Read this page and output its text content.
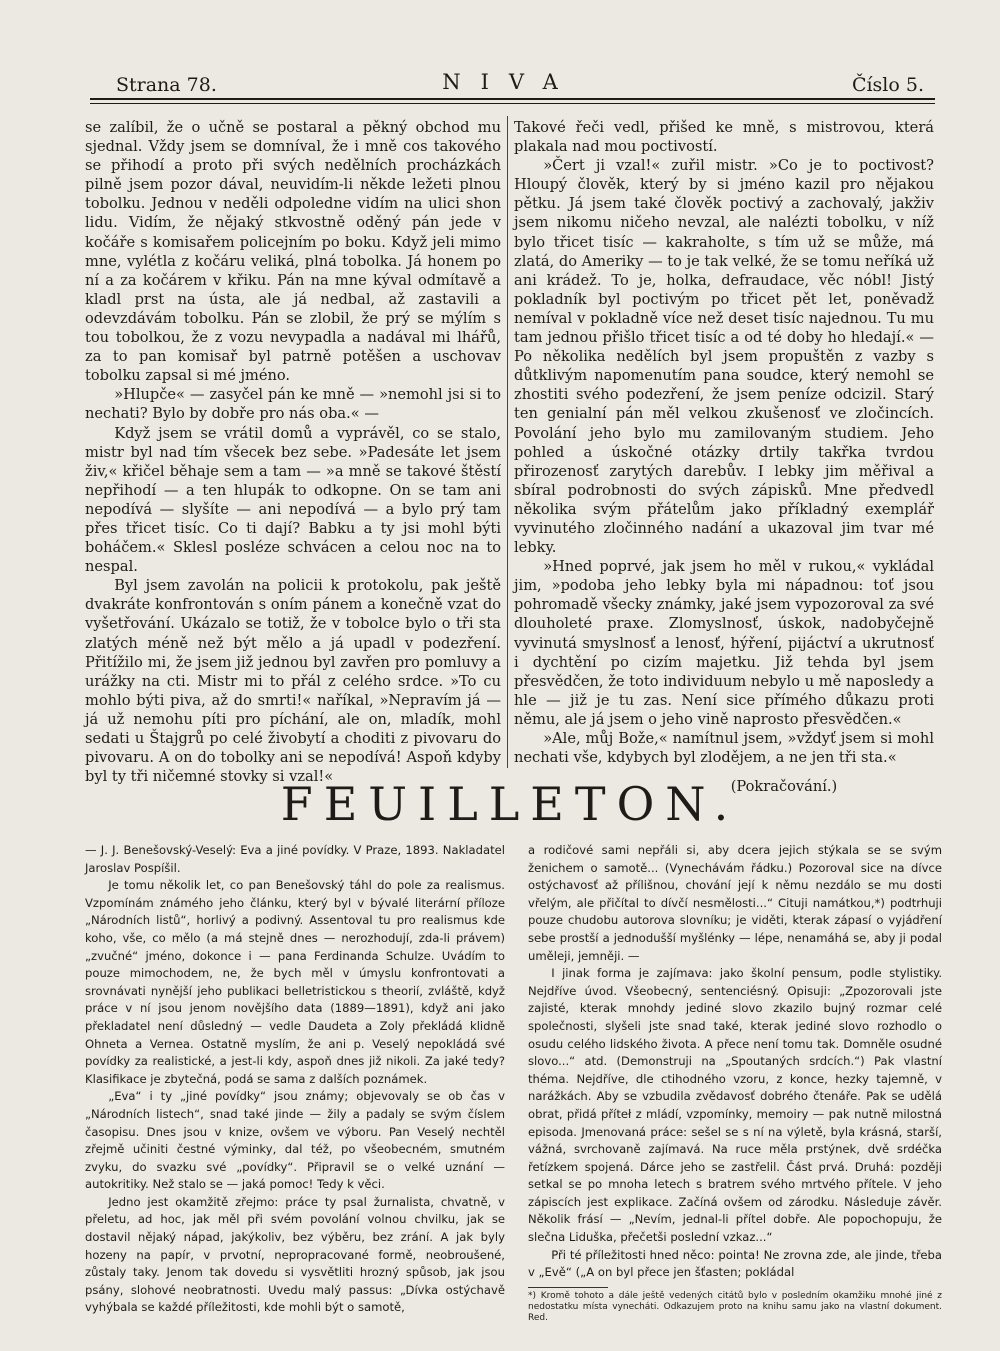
Strana 78.	NIVA	Číslo 5.

se zalíbil, že o učně se postaral a pěkný obchod mu sjednal. Vždy jsem se domníval, že i mně cos takového se přihodí a proto při svých nedělních procházkách pilně jsem pozor dával, neuvidím-li někde ležeti plnou tobolku. Jednou v neděli odpoledne vidím na ulici shon lidu. Vidím, že nějaký stkvostně oděný pán jede v kočáře s komisařem policejním po boku. Když jeli mimo mne, vylétla z kočáru veliká, plná tobolka. Já honem po ní a za kočárem v křiku. Pán na mne kýval odmítavě a kladl prst na ústa, ale já nedbal, až zastavili a odevzdávám tobolku. Pán se zlobil, že prý se mýlím s tou tobolkou, že z vozu nevypadla a nadával mi lhářů, za to pan komisař byl patrně potěšen a uschovav tobolku zapsal si mé jméno.

»Hlupče« — zasyčel pán ke mně — »nemohl jsi si to nechati? Bylo by dobře pro nás oba.« —

Když jsem se vrátil domů a vyprávěl, co se stalo, mistr byl nad tím všecek bez sebe. »Padesáte let jsem živ,« křičel běhaje sem a tam — »a mně se takové štěstí nepřihodí — a ten hlupák to odkopne. On se tam ani nepodívá — slyšíte — ani nepodívá — a bylo prý tam přes třicet tisíc. Co ti dají? Babku a ty jsi mohl býti boháčem.« Sklesl posléze schvácen a celou noc na to nespal.

Byl jsem zavolán na policii k protokolu, pak ještě dvakráte konfrontován s oním pánem a konečně vzat do vyšetřování. Ukázalo se totiž, že v tobolce bylo o tři sta zlatých méně než být mělo a já upadl v podezření. Přitížilo mi, že jsem již jednou byl zavřen pro pomluvy a urážky na cti. Mistr mi to přál z celého srdce. »To cu mohlo býti piva, až do smrti!« naříkal, »Nepravím já — já už nemohu píti pro píchání, ale on, mladík, mohl sedati u Štajgrů po celé živobytí a choditi z pivovaru do pivovaru. A on do tobolky ani se nepodívá! Aspoň kdyby byl ty tři ničemné stovky si vzal!«

Takové řeči vedl, přišed ke mně, s mistrovou, která plakala nad mou poctivostí.

»Čert ji vzal!« zuřil mistr. »Co je to poctivost? Hloupý člověk, který by si jméno kazil pro nějakou pětku. Já jsem také člověk poctivý a zachovalý, jakživ jsem nikomu ničeho nevzal, ale nalézti tobolku, v níž bylo třicet tisíc — kakraholte, s tím už se může, má zlatá, do Ameriky — to je tak velké, že se tomu neříká už ani krádež. To je, holka, defraudace, věc nóbl! Jistý pokladník byl poctivým po třicet pět let, poněvadž nemíval v pokladně více než deset tisíc najednou. Tu mu tam jednou přišlo třicet tisíc a od té doby ho hledají.« — Po několika nedělích byl jsem propuštěn z vazby s důtklivým napomenutím pana soudce, který nemohl se zhostiti svého podezření, že jsem peníze odcizil. Starý ten genialní pán měl velkou zkušenosť ve zločincích. Povolání jeho bylo mu zamilovaným studiem. Jeho pohled a úskočné otázky drtily takřka tvrdou přirozenosť zarytých darebův. I lebky jim měřival a sbíral podrobnosti do svých zápisků. Mne předvedl několika svým přátelům jako příkladný exemplář vyvinutého zločinného nadání a ukazoval jim tvar mé lebky.

»Hned poprvé, jak jsem ho měl v rukou,« vykládal jim, »podoba jeho lebky byla mi nápadnou: toť jsou pohromadě všecky známky, jaké jsem vypozoroval za své dlouholeté praxe. Zlomyslnosť, úskok, nadobyčejně vyvinutá smyslnosť a lenosť, hýření, pijáctví a ukrutnosť i dychtění po cizím majetku. Již tehda byl jsem přesvědčen, že toto individuum nebylo u mě naposledy a hle — již je tu zas. Není sice přímého důkazu proti němu, ale já jsem o jeho vině naprosto přesvědčen.«

»Ale, můj Bože,« namítnul jsem, »vždyť jsem si mohl nechati vše, kdybych byl zlodějem, a ne jen tři sta.«

(Pokračování.)

FEUILLETON.

— J. J. Benešovský-Veselý: Eva a jiné povídky. V Praze, 1893. Nakladatel Jaroslav Pospíšil.

Je tomu několik let, co pan Benešovský táhl do pole za realismus. Vzpomínám známého jeho článku, který byl v bývalé literární příloze „Národních listů“, horlivý a podivný. Assentoval tu pro realismus kde koho, vše, co mělo (a má stejně dnes — nerozhodují, zda-li právem) „zvučné“ jméno, dokonce i — pana Ferdinanda Schulze. Uvádím to pouze mimochodem, ne, že bych měl v úmyslu konfrontovati a srovnávati nynější jeho publikaci belletristickou s theorií, zvláště, když práce v ní jsou jenom novějšího data (1889—1891), když ani jako překladatel není důsledný — vedle Daudeta a Zoly překládá klidně Ohneta a Vernea. Ostatně myslím, že ani p. Veselý nepokládá své povídky za realistické, a jest-li kdy, aspoň dnes již nikoli. Za jaké tedy? Klasifikace je zbytečná, podá se sama z dalších poznámek.

„Eva“ i ty „jiné povídky“ jsou známy; objevovaly se ob čas v „Národních listech“, snad také jinde — žily a padaly se svým číslem časopisu. Dnes jsou v knize, ovšem ve výboru. Pan Veselý nechtěl zřejmě učiniti čestné výminky, dal též, po všeobecném, smutném zvyku, do svazku své „povídky“. Připravil se o velké uznání — autokritiky. Než stalo se — jaká pomoc! Tedy k věci.

Jedno jest okamžitě zřejmo: práce ty psal žurnalista, chvatně, v přeletu, ad hoc, jak měl při svém povolání volnou chvilku, jak se dostavil nějaký nápad, jakýkoliv, bez výběru, bez zrání. A jak byly hozeny na papír, v prvotní, nepropracované formě, neobroušené, zůstaly taky. Jenom tak dovedu si vysvětliti hrozný spůsob, jak jsou psány, slohové neobratnosti. Uvedu malý passus: „Dívka ostýchavě vyhýbala se každé příležitosti, kde mohli být o samotě,

a rodičové sami nepřáli si, aby dcera jejich stýkala se se svým ženichem o samotě... (Vynechávám řádku.) Pozoroval sice na dívce ostýchavosť až přílišnou, chování její k němu nezdálo se mu dosti vřelým, ale přičítal to dívčí nesmělosti...“ Cituji namátkou,*) podtrhuji pouze chudobu autorova slovníku; je viděti, kterak zápasí o vyjádření sebe prostší a jednodušší myšlénky — lépe, nenamáhá se, aby ji podal uměleji, jemněji. —

I jinak forma je zajímava: jako školní pensum, podle stylistiky. Nejdříve úvod. Všeobecný, sentenciésný. Opisuji: „Zpozorovali jste zajisté, kterak mnohdy jediné slovo zkazilo bujný rozmar celé společnosti, slyšeli jste snad také, kterak jediné slovo rozhodlo o osudu celého lidského života. A přece není tomu tak. Domněle osudné slovo...“ atd. (Demonstruji na „Spoutaných srdcích.“) Pak vlastní théma. Nejdříve, dle ctihodného vzoru, z konce, hezky tajemně, v narážkách. Aby se vzbudila zvědavosť dobrého čtenáře. Pak se udělá obrat, přidá příteł z mládí, vzpomínky, memoiry — pak nutně milostná episoda. Jmenovaná práce: sešel se s ní na výletě, byla krásná, starší, vážná, svrchovaně zajímavá. Na ruce měla prstýnek, dvě srdéčka řetízkem spojená. Dárce jeho se zastřelil. Část prvá. Druhá: později setkal se po mnoha letech s bratrem svého mrtvého přítele. V jeho zápiscích jest explikace. Začíná ovšem od zárodku. Následuje závěr. Několik frásí — „Nevím, jednal-li přítel dobře. Ale popochopuju, že slečna Liduška, přečetši poslední vzkaz...“

Při té příležitosti hned něco: pointa! Ne zrovna zde, ale jinde, třeba v „Evě“ („A on byl přece jen šťasten; pokládal

*) Kromě tohoto a dále ještě vedených citátů bylo v posledním okamžiku mnohé jiné z nedostatku místa vynecháti. Odkazujem proto na knihu samu jako na vlastní dokument. Red.
